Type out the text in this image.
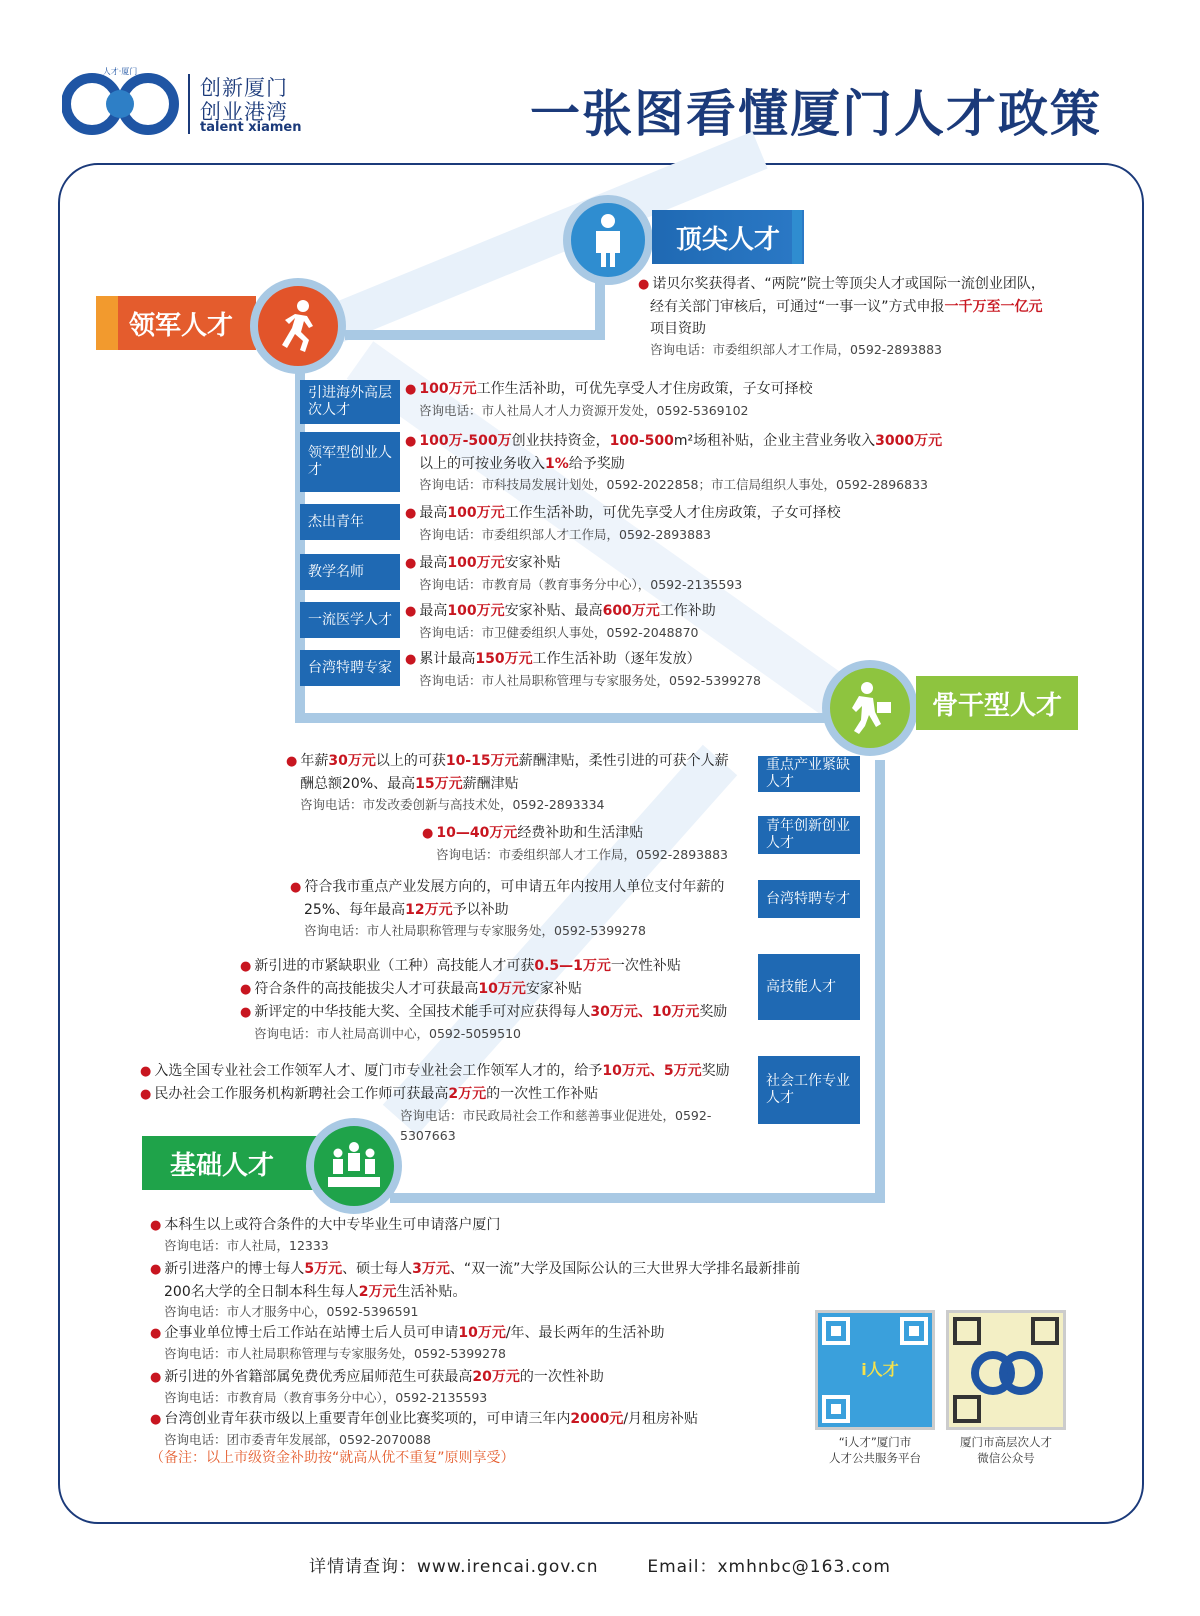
人才·厦门
创新厦门
创业港湾
talent xiamen	一张图看懂厦门人才政策
顶尖人才
● 诺贝尔奖获得者、“两院”院士等顶尖人才或国际一流创业团队，
经有关部门审核后，可通过“一事一议”方式申报一千万至一亿元
项目资助
咨询电话：市委组织部人才工作局，0592-2893883
领军人才
引进海外高层次人才
● 100万元工作生活补助，可优先享受人才住房政策，子女可择校
咨询电话：市人社局人才人力资源开发处，0592-5369102
领军型创业人才
● 100万-500万创业扶持资金，100-500m²场租补贴，企业主营业务收入3000万元
以上的可按业务收入1%给予奖励
咨询电话：市科技局发展计划处，0592-2022858；市工信局组织人事处，0592-2896833
杰出青年	● 最高100万元工作生活补助，可优先享受人才住房政策，子女可择校
咨询电话：市委组织部人才工作局，0592-2893883
教学名师	● 最高100万元安家补贴
咨询电话：市教育局（教育事务分中心），0592-2135593
一流医学人才	● 最高100万元安家补贴、最高600万元工作补助
咨询电话：市卫健委组织人事处，0592-2048870
台湾特聘专家	● 累计最高150万元工作生活补助（逐年发放）
咨询电话：市人社局职称管理与专家服务处，0592-5399278
骨干型人才
重点产业紧缺人才
● 年薪30万元以上的可获10-15万元薪酬津贴，柔性引进的可获个人薪
酬总额20%、最高15万元薪酬津贴
咨询电话：市发改委创新与高技术处，0592-2893334
青年创新创业人才
● 10—40万元经费补助和生活津贴
咨询电话：市委组织部人才工作局，0592-2893883
台湾特聘专才
● 符合我市重点产业发展方向的，可申请五年内按用人单位支付年薪的
25%、每年最高12万元予以补助
咨询电话：市人社局职称管理与专家服务处，0592-5399278
高技能人才
● 新引进的市紧缺职业（工种）高技能人才可获0.5—1万元一次性补贴
● 符合条件的高技能拔尖人才可获最高10万元安家补贴
● 新评定的中华技能大奖、全国技术能手可对应获得每人30万元、10万元奖励
咨询电话：市人社局高训中心，0592-5059510
社会工作专业人才
● 入选全国专业社会工作领军人才、厦门市专业社会工作领军人才的，给予10万元、5万元奖励
● 民办社会工作服务机构新聘社会工作师可获最高2万元的一次性工作补贴
咨询电话：市民政局社会工作和慈善事业促进处，0592-5307663
基础人才
● 本科生以上或符合条件的大中专毕业生可申请落户厦门
咨询电话：市人社局，12333
● 新引进落户的博士每人5万元、硕士每人3万元、“双一流”大学及国际公认的三大世界大学排名最新排前
200名大学的全日制本科生每人2万元生活补贴。
咨询电话：市人才服务中心，0592-5396591
● 企事业单位博士后工作站在站博士后人员可申请10万元/年、最长两年的生活补助
咨询电话：市人社局职称管理与专家服务处，0592-5399278
● 新引进的外省籍部属免费优秀应届师范生可获最高20万元的一次性补助
咨询电话：市教育局（教育事务分中心），0592-2135593
● 台湾创业青年获市级以上重要青年创业比赛奖项的，可申请三年内2000元/月租房补贴
咨询电话：团市委青年发展部，0592-2070088
（备注：以上市级资金补助按“就高从优不重复”原则享受）
i人才
“i人才”厦门市
人才公共服务平台
厦门市高层次人才
微信公众号
详情请查询：www.irencai.gov.cn	Email：xmhnbc@163.com
